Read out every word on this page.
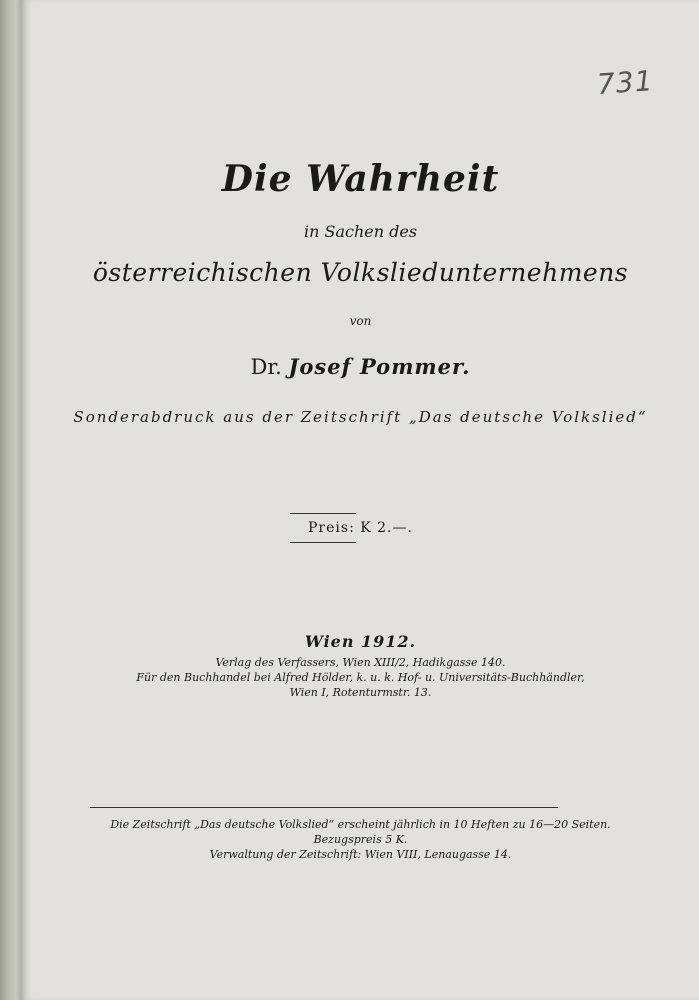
731
Die Wahrheit
in Sachen des
österreichischen Volksliedunternehmens
von
Dr. Josef Pommer.
Sonderabdruck aus der Zeitschrift „Das deutsche Volkslied“
Preis: K 2.—.
Wien 1912.
Verlag des Verfassers, Wien XIII/2, Hadikgasse 140.
Für den Buchhandel bei Alfred Hölder, k. u. k. Hof- u. Universitäts-Buchhändler,
Wien I, Rotenturmstr. 13.
Die Zeitschrift „Das deutsche Volkslied“ erscheint jährlich in 10 Heften zu 16—20 Seiten.
Bezugspreis 5 K.
Verwaltung der Zeitschrift: Wien VIII, Lenaugasse 14.
